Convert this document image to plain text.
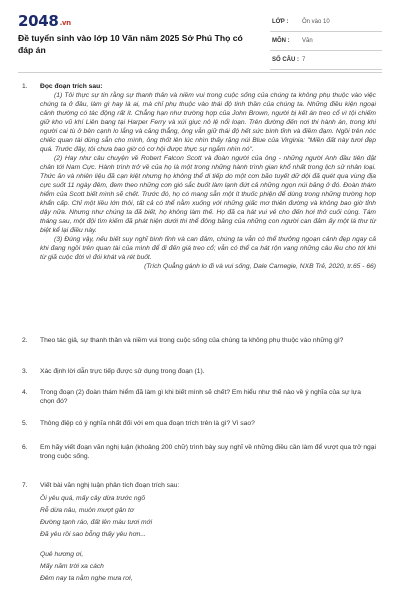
2048.vn
Đề tuyển sinh vào lớp 10 Văn năm 2025 Sở Phú Thọ có đáp án
LỚP : Ôn vào 10
MÔN : Văn
SỐ CÂU : 7
1.	Đọc đoạn trích sau:

(1) Tôi thực sự tin rằng sự thanh thản và niềm vui trong cuộc sống của chúng ta không phụ thuộc vào việc chúng ta ở đâu, làm gì hay là ai, mà chỉ phụ thuộc vào thái độ tinh thần của chúng ta. Những điều kiện ngoại cảnh thường có tác động rất ít. Chẳng hạn như trường hợp của John Brown, người bị kết án treo cổ vì tội chiếm giữ kho vũ khí Liên bang tại Harper Ferry và xúi giục nô lệ nổi loạn. Trên đường đến nơi thi hành án, trong khi người cai tù ở bên cạnh lo lắng và căng thẳng, ông vẫn giữ thái độ hết sức bình tĩnh và điềm đạm. Ngồi trên nóc chiếc quan tài dùng sẵn cho mình, ông thốt lên lúc nhìn thấy rặng núi Blue của Virginia: "Miền đất này tươi đẹp quá. Trước đây, tôi chưa bao giờ có cơ hội được thực sự ngắm nhìn nó".

(2) Hay như câu chuyện về Robert Falcon Scott và đoàn người của ông - những người Anh đầu tiên đặt chân tới Nam Cực. Hành trình trở về của họ là một trong những hành trình gian khổ nhất trong lịch sử nhân loại. Thức ăn và nhiên liệu đã cạn kiệt nhưng họ không thể di tiếp do một cơn bão tuyết dữ dội đã quét qua vùng địa cực suốt 11 ngày đêm, đem theo những cơn gió sắc buốt làm lạnh đứt cả những ngọn núi băng ở đó. Đoàn thám hiểm của Scott biết mình sẽ chết. Trước đó, họ có mang sẵn một ít thuốc phiện để dùng trong những trường hợp khẩn cấp. Chỉ một liều lớn thôi, tất cả có thể nằm xuống với những giấc mơ thiên đường và không bao giờ tỉnh dậy nữa. Nhưng như chúng ta đã biết, họ không làm thế. Họ đã ca hát vui vẻ cho đến hơi thở cuối cùng. Tám tháng sau, một đội tìm kiếm đã phát hiện dưới thi thể đông băng của những con người can đảm ấy một lá thư từ biệt kể lại điều này.

(3) Đúng vậy, nếu biết suy nghĩ bình tĩnh và can đảm, chúng ta vẫn có thể thưởng ngoạn cảnh đẹp ngay cả khi đang ngồi trên quan tài của mình để đi đến giá treo cổ; vẫn có thể ca hát rộn vang những câu lều cho tới khi từ giã cuộc đời vì đói khát và rét buốt.

(Trích Quẳng gánh lo đi và vui sống, Dale Carnegie, NXB Trẻ, 2020, tr.65 - 66)
2.	Theo tác giả, sự thanh thản và niềm vui trong cuộc sống của chúng ta không phụ thuộc vào những gì?
3.	Xác định lời dẫn trực tiếp được sử dụng trong đoạn (1).
4.	Trong đoạn (2) đoàn thám hiểm đã làm gì khi biết mình sẽ chết? Em hiểu như thế nào về ý nghĩa của sự lựa chọn đó?
5.	Thông điệp có ý nghĩa nhất đối với em qua đoạn trích trên là gì? Vì sao?
6.	Em hãy viết đoạn văn nghị luận (khoảng 200 chữ) trình bày suy nghĩ về những điều cần làm để vượt qua trở ngại trong cuộc sống.
7.	Viết bài văn nghị luận phân tích đoạn trích sau:

Ôi yêu quá, mấy cây dừa trước ngõ

Rễ dừa nâu, muôn mượt gân tơ

Đường tạnh ráo, đất lên màu tươi mới

Đã yêu rồi sao bỗng thấy yêu hơn...

Quê hương ơi,

Mấy năm trời xa cách

Đêm nay ta nằm nghe mưa rơi,
